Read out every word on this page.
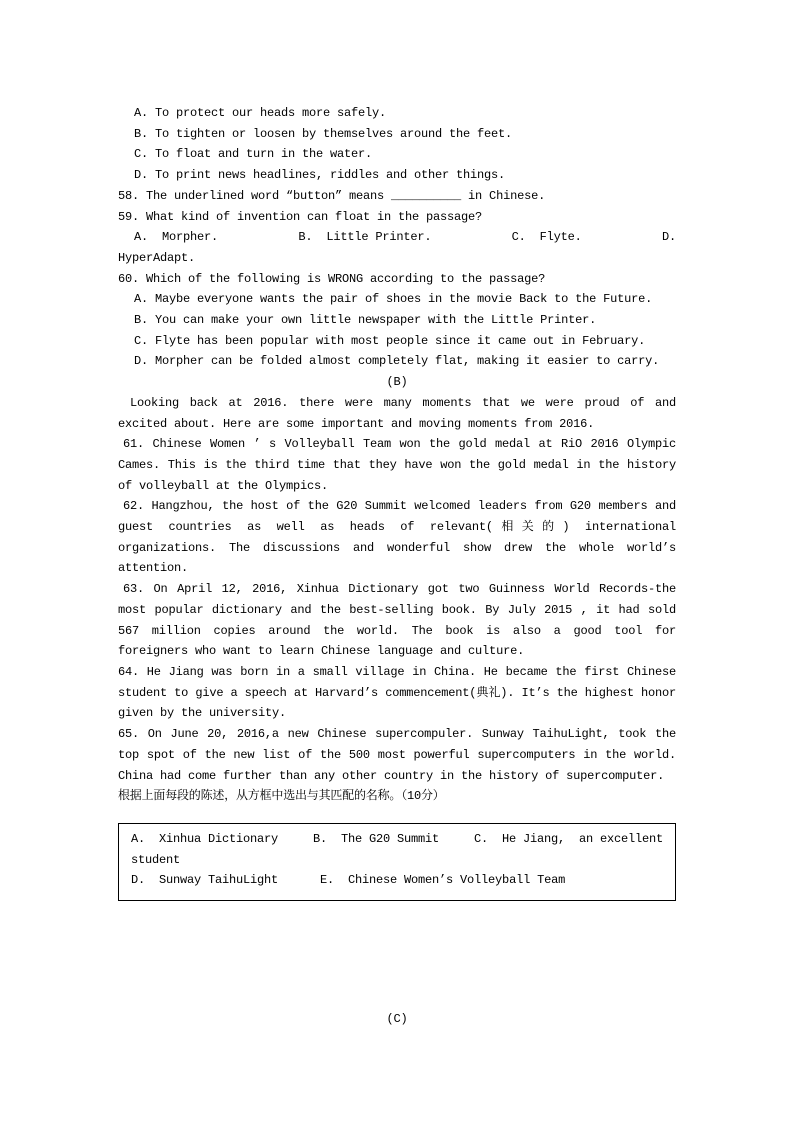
A. To protect our heads more safely.
B. To tighten or loosen by themselves around the feet.
C. To float and turn in the water.
D. To print news headlines, riddles and other things.
58. The underlined word “button” means __________ in Chinese.
59. What kind of invention can float in the passage?
A.  Morpher.	B.  Little Printer.	C.  Flyte.	D.
HyperAdapt.
60. Which of the following is WRONG according to the passage?
A. Maybe everyone wants the pair of shoes in the movie Back to the Future.
B. You can make your own little newspaper with the Little Printer.
C. Flyte has been popular with most people since it came out in February.
D. Morpher can be folded almost completely flat, making it easier to carry.
(B)
Looking back at 2016. there were many moments that we were proud of and excited about. Here are some important and moving moments from 2016.
61. Chinese Women ’ s Volleyball Team won the gold medal at RiO 2016 Olympic Cames. This is the third time that they have won the gold medal in the history of volleyball at the Olympics.
62. Hangzhou, the host of the G20 Summit welcomed leaders from G20 members and guest countries as well as heads of relevant(相关的) international organizations. The discussions and wonderful show drew the whole world’s attention.
63. On April 12, 2016, Xinhua Dictionary got two Guinness World Records-the most popular dictionary and the best-selling book. By July 2015 , it had sold 567 million copies around the world. The book is also a good tool for foreigners who want to learn Chinese language and culture.
64. He Jiang was born in a small village in China. He became the first Chinese student to give a speech at Harvard’s commencement(典礼). It’s the highest honor given by the university.
65. On June 20, 2016,a new Chinese supercompuler. Sunway TaihuLight, took the top spot of the new list of the 500 most powerful supercomputers in the world. China had come further than any other country in the history of supercomputer.
根据上面每段的陈述，从方框中选出与其匹配的名称。（10分）
A.  Xinhua Dictionary	B.  The G20 Summit	C.  He Jiang,  an excellent
student
D.  Sunway TaihuLight	E.  Chinese Women’s Volleyball Team
(C)
